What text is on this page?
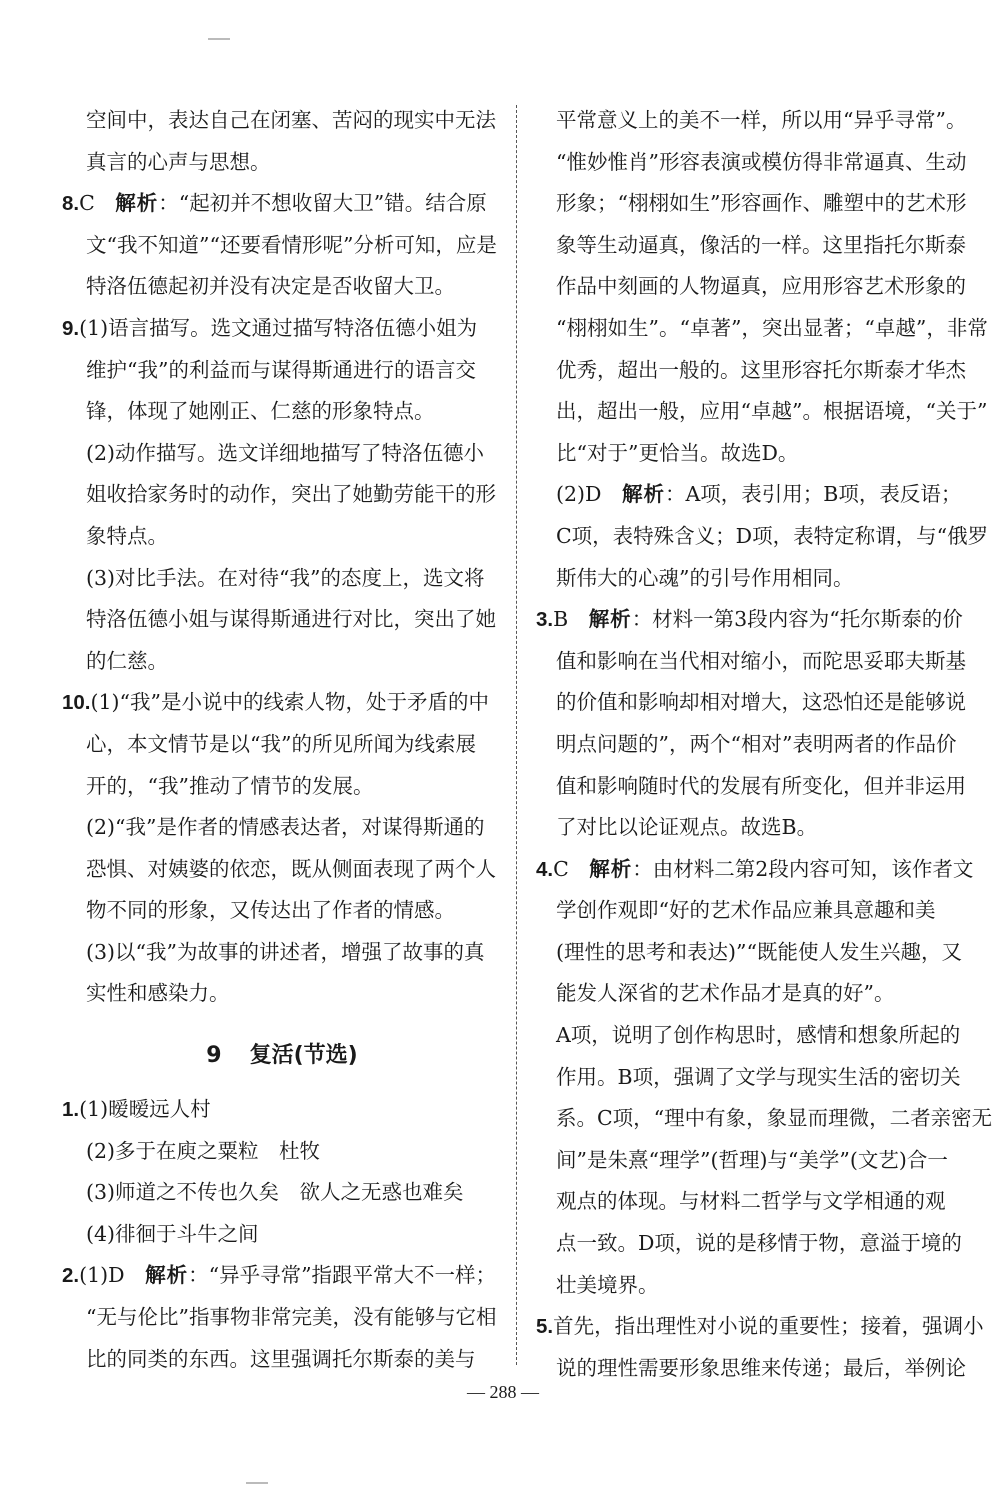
空间中，表达自己在闭塞、苦闷的现实中无法
真言的心声与思想。
8.C　 解析：“起初并不想收留大卫”错。结合原
文“我不知道”“还要看情形呢”分析可知，应是
特洛伍德起初并没有决定是否收留大卫。
9.(1)语言描写。选文通过描写特洛伍德小姐为
维护“我”的利益而与谋得斯通进行的语言交
锋，体现了她刚正、仁慈的形象特点。
(2)动作描写。选文详细地描写了特洛伍德小
姐收拾家务时的动作，突出了她勤劳能干的形
象特点。
(3)对比手法。在对待“我”的态度上，选文将
特洛伍德小姐与谋得斯通进行对比，突出了她
的仁慈。
10.(1)“我”是小说中的线索人物，处于矛盾的中
心，本文情节是以“我”的所见所闻为线索展
开的，“我”推动了情节的发展。
(2)“我”是作者的情感表达者，对谋得斯通的
恐惧、对姨婆的依恋，既从侧面表现了两个人
物不同的形象，又传达出了作者的情感。
(3)以“我”为故事的讲述者，增强了故事的真
实性和感染力。
9 复活(节选)
1.(1)暧暧远人村
(2)多于在庾之粟粒　杜牧
(3)师道之不传也久矣　欲人之无惑也难矣
(4)徘徊于斗牛之间
2.(1)D　 解析：“异乎寻常”指跟平常大不一样；
“无与伦比”指事物非常完美，没有能够与它相
比的同类的东西。这里强调托尔斯泰的美与
平常意义上的美不一样，所以用“异乎寻常”。
“惟妙惟肖”形容表演或模仿得非常逼真、生动
形象；“栩栩如生”形容画作、雕塑中的艺术形
象等生动逼真，像活的一样。这里指托尔斯泰
作品中刻画的人物逼真，应用形容艺术形象的
“栩栩如生”。“卓著”，突出显著；“卓越”，非常
优秀，超出一般的。这里形容托尔斯泰才华杰
出，超出一般，应用“卓越”。根据语境，“关于”
比“对于”更恰当。故选D。
(2)D　 解析：A项，表引用；B项，表反语；
C项，表特殊含义；D项，表特定称谓，与“俄罗
斯伟大的心魂”的引号作用相同。
3.B　 解析：材料一第3段内容为“托尔斯泰的价
值和影响在当代相对缩小，而陀思妥耶夫斯基
的价值和影响却相对增大，这恐怕还是能够说
明点问题的”，两个“相对”表明两者的作品价
值和影响随时代的发展有所变化，但并非运用
了对比以论证观点。故选B。
4.C　 解析：由材料二第2段内容可知，该作者文
学创作观即“好的艺术作品应兼具意趣和美
(理性的思考和表达)”“既能使人发生兴趣，又
能发人深省的艺术作品才是真的好”。
A项，说明了创作构思时，感情和想象所起的
作用。B项，强调了文学与现实生活的密切关
系。C项，“理中有象，象显而理微，二者亲密无
间”是朱熹“理学”(哲理)与“美学”(文艺)合一
观点的体现。与材料二哲学与文学相通的观
点一致。D项，说的是移情于物，意溢于境的
壮美境界。
5.首先，指出理性对小说的重要性；接着，强调小
说的理性需要形象思维来传递；最后，举例论
— 288 —
